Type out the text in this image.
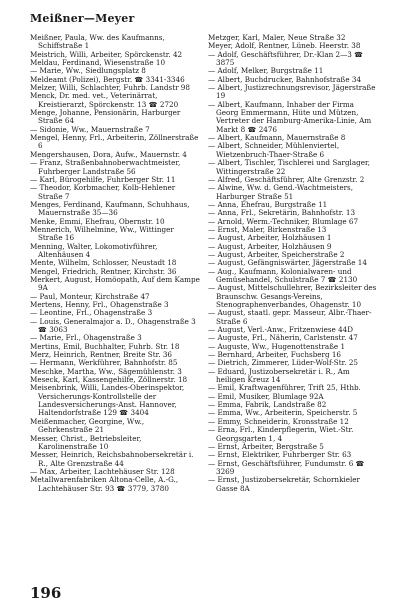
Meißner—Meyer
Meißner, Paula, Ww. des Kaufmanns, Schiffstraße 1
Meistrich, Willi, Arbeiter, Spörckenstr. 42
Meldau, Ferdinand, Wiesenstraße 10
— Marie, Ww., Siedlungsplatz 8
Meldeamt (Polizei), Bergstr. ☎ 3341-3346
Melzer, Willi, Schlachter, Fuhrb. Landstr 98
Menck, Dr. med. vet., Veterinärrat, Kreistierarzt, Spörckenstr. 13 ☎ 2720
Menge, Johanne, Pensionärin, Harburger Straße 64
— Sidonie, Ww., Mauernstraße 7
Mengel, Henny, Frl., Arbeiterin, Zöllnerstraße 6
Mengershausen, Dora, Aufw., Mauernstr. 4
— Franz, Straßenbahnoberwachtmeister, Fuhrberger Landstraße 56
— Karl, Bürogehilfe, Fuhrberger Str. 11
— Theodor, Korbmacher, Kolb-Hehlener Straße 7
Menges, Ferdinand, Kaufmann, Schuhhaus, Mauernstraße 35—36
Menke, Emmi, Ehefrau, Obernstr. 10
Mennerich, Wilhelmine, Ww., Wittinger Straße 16
Menning, Walter, Lokomotivführer, Altenhäusen 4
Mente, Wilhelm, Schlosser, Neustadt 18
Mengel, Friedrich, Rentner, Kirchstr. 36
Merkert, August, Homöopath, Auf dem Kampe 9A
— Paul, Monteur, Kirchstraße 47
Mertens, Henny, Frl., Ohagenstraße 3
— Leontine, Frl., Ohagenstraße 3
— Louis, Generalmajor a. D., Ohagenstraße 3 ☎ 3063
— Marie, Frl., Ohagenstraße 3
Mertins, Emil, Buchhalter, Fuhrb. Str. 18
Merz, Heinrich, Rentner, Breite Str. 36
— Hermann, Werkführer, Bahnhofstr. 85
Meschke, Martha, Ww., Sägemühlenstr. 3
Meseck, Karl, Kassengehilfe, Zöllnerstr. 18
Meisenbrink, Willi, Landes-Oberinspektor, Versicherungs-Kontrollstelle der Landesversicherungs-Anst. Hannover, Haltendorfstraße 129 ☎ 3404
Meißenmacher, Georgine, Ww., Gehrkenstraße 21
Messer, Christ., Betriebsleiter, Karolinenstraße 10
Messer, Heinrich, Reichsbahnobersekretär i. R., Alte Grenzstraße 44
— Max, Arbeiter, Lachtehäuser Str. 128
Metallwarenfabriken Altona-Celle, A.-G., Lachtehäuser Str. 93 ☎ 3779, 3780
Metzger, Karl, Maler, Neue Straße 32
Meyer, Adolf, Rentner, Lüneb. Heerstr. 38
— Adolf, Geschäftsführer, Dr.-Klan 2—3 ☎ 3875
— Adolf, Melker, Burgstraße 11
— Albert, Buchdrucker, Bahnhofstraße 34
— Albert, Justizrechnungsrevisor, Jägerstraße 19
— Albert, Kaufmann, Inhaber der Firma Georg Emmermann, Hüte und Mützen, Vertreter der Hamburg-Amerika-Linie, Am Markt 8 ☎ 2476
— Albert, Kaufmann, Mauernstraße 8
— Albert, Schneider, Mühlenviertel, Wietzenbruch-Thaer-Straße 6
— Albert, Tischler, Tischlerei und Sarglager, Wittingerstraße 22
— Alfred, Geschäftsführer, Alte Grenzstr. 2
— Alwine, Ww. d. Gend.-Wachtmeisters, Harburger Straße 51
— Anna, Ehefrau, Burgstraße 11
— Anna, Frl., Sekretärin, Bahnhofstr. 13
— Arnold, Werm.-Techniker, Blumlage 67
— Ernst, Maler, Birkenstraße 13
— August, Arbeiter, Holzhäusen 1
— August, Arbeiter, Holzhäusen 9
— August, Arbeiter, Speicherstraße 2
— August, Gefängniswärter, Jägerstraße 14
— Aug., Kaufmann, Kolonialwaren- und Gemüsehandel, Schulstraße 7 ☎ 2130
— August, Mittelschullehrer, Bezirksleiter des Braunschw. Gesangs-Vereins, Stenographenverbandes, Ohagenstr. 10
— August, staatl. gepr. Masseur, Albr.-Thaer-Straße 6
— August, Verl.-Anw., Fritzenwiese 44D
— Auguste, Frl., Näherin, Carlstenstr. 47
— Auguste, Ww., Hugenottenstraße 1
— Bernhard, Arbeiter, Fuchsberg 16
— Dietrich, Zimmerer, Lüder-Wolf-Str. 25
— Eduard, Justizobersekretär i. R., Am heiligen Kreuz 14
— Emil, Kraftwagenführer, Trift 25, Hthb.
— Emil, Musiker, Blumlage 92A
— Emma, Fabrik, Landstraße 82
— Emma, Ww., Arbeiterin, Speicherstr. 5
— Emmy, Schneiderin, Kronsstraße 12
— Erna, Frl., Kinderpflegerin, Wiet.-Str. Georgsgarten 1, 4
— Ernst, Arbeiter, Bergstraße 5
— Ernst, Elektriker, Fuhrberger Str. 63
— Ernst, Geschäftsführer, Fundumstr. 6 ☎ 3269
— Ernst, Justizobersekretär, Schornkieler Gasse 8A
196
